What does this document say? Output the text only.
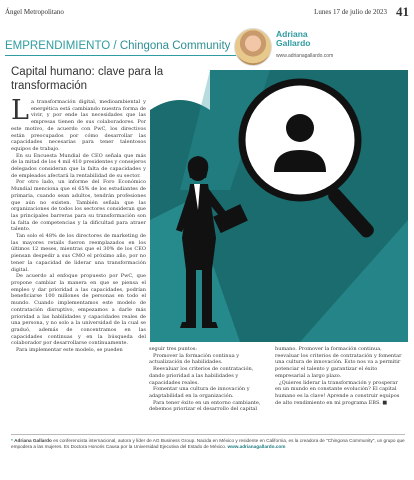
Ángel Metropolitano	Lunes 17 de julio de 2023 41
EMPRENDIMIENTO / Chingona Community
Adriana
Gallardo
www.adrianagallardo.com
Capital humano: clave para la transformación

La transformación digital, medioambiental y energética está cambiando nuestra forma de vivir, y por ende las necesidades que las empresas tienen de sus colaboradores. Por este motivo, de acuerdo con PwC, los directivos están preocupados por cómo desarrollar las capacidades necesarias para tener talentosos equipos de trabajo.

En su Encuesta Mundial de CEO señala que más de la mitad de los 4 mil 410 presidentes y consejeros delegados consideran que la falta de capacidades y de empleados afectará la rentabilidad de su sector.

Por otro lado, un informe del Foro Económico Mundial menciona que el 65% de los estudiantes de primaria, cuando sean adultos, tendrán profesiones que aún no existen. También señala que las organizaciones de todos los sectores consideran que las principales barreras para su transformación son la falta de competencias y la dificultad para atraer talento.

Tan solo el 48% de los directores de marketing de las mayores retails fueron reemplazados en los últimos 12 meses, mientras que el 30% de los CEO piensan despedir a sus CMO el próximo año, por no tener la capacidad de liderar una transformación digital.

De acuerdo al enfoque propuesto por PwC, que propone cambiar la manera en que se piensa el empleo y dar prioridad a las capacidades, podrían beneficiarse 100 millones de personas en todo el mundo. Cuando implementamos este modelo de contratación disruptivo, empezamos a darle más prioridad a las habilidades y capacidades reales de una persona, y no solo a la universidad de la cual se graduó, además de concentramos en las capacidades continuas y en la búsqueda del colaborador por desarrollarse continuamente.

Para implementar este modelo, se pueden	seguir tres puntos:

Promover la formación continua y actualización de habilidades.

Reevaluar los criterios de contratación, dando prioridad a las habilidades y capacidades reales.

Fomentar una cultura de innovación y adaptabilidad en la organización.

Para tener éxito en un entorno cambiante, debemos priorizar el desarrollo del capital

humano. Promover la formación continua, reevaluar los criterios de contratación y fomentar una cultura de innovación. Esto nos va a permitir potenciar el talento y garantizar el éxito empresarial a largo plazo.

¿Quieres liderar la transformación y prosperar en un mundo en constante evolución? El capital humano es la clave! Aprende a construir equipos de alto rendimiento en mi programa EBS. ■

* Adriana Gallardo es conferencista internacional, autora y líder de AG Business Group. Nacida en México y residente en California, es la creadora de "Chingona Community", un grupo que empodera a las mujeres. Es Doctora Honoris Causa por la Universidad Ejecutiva del Estado de México. www.adrianagallardo.com
